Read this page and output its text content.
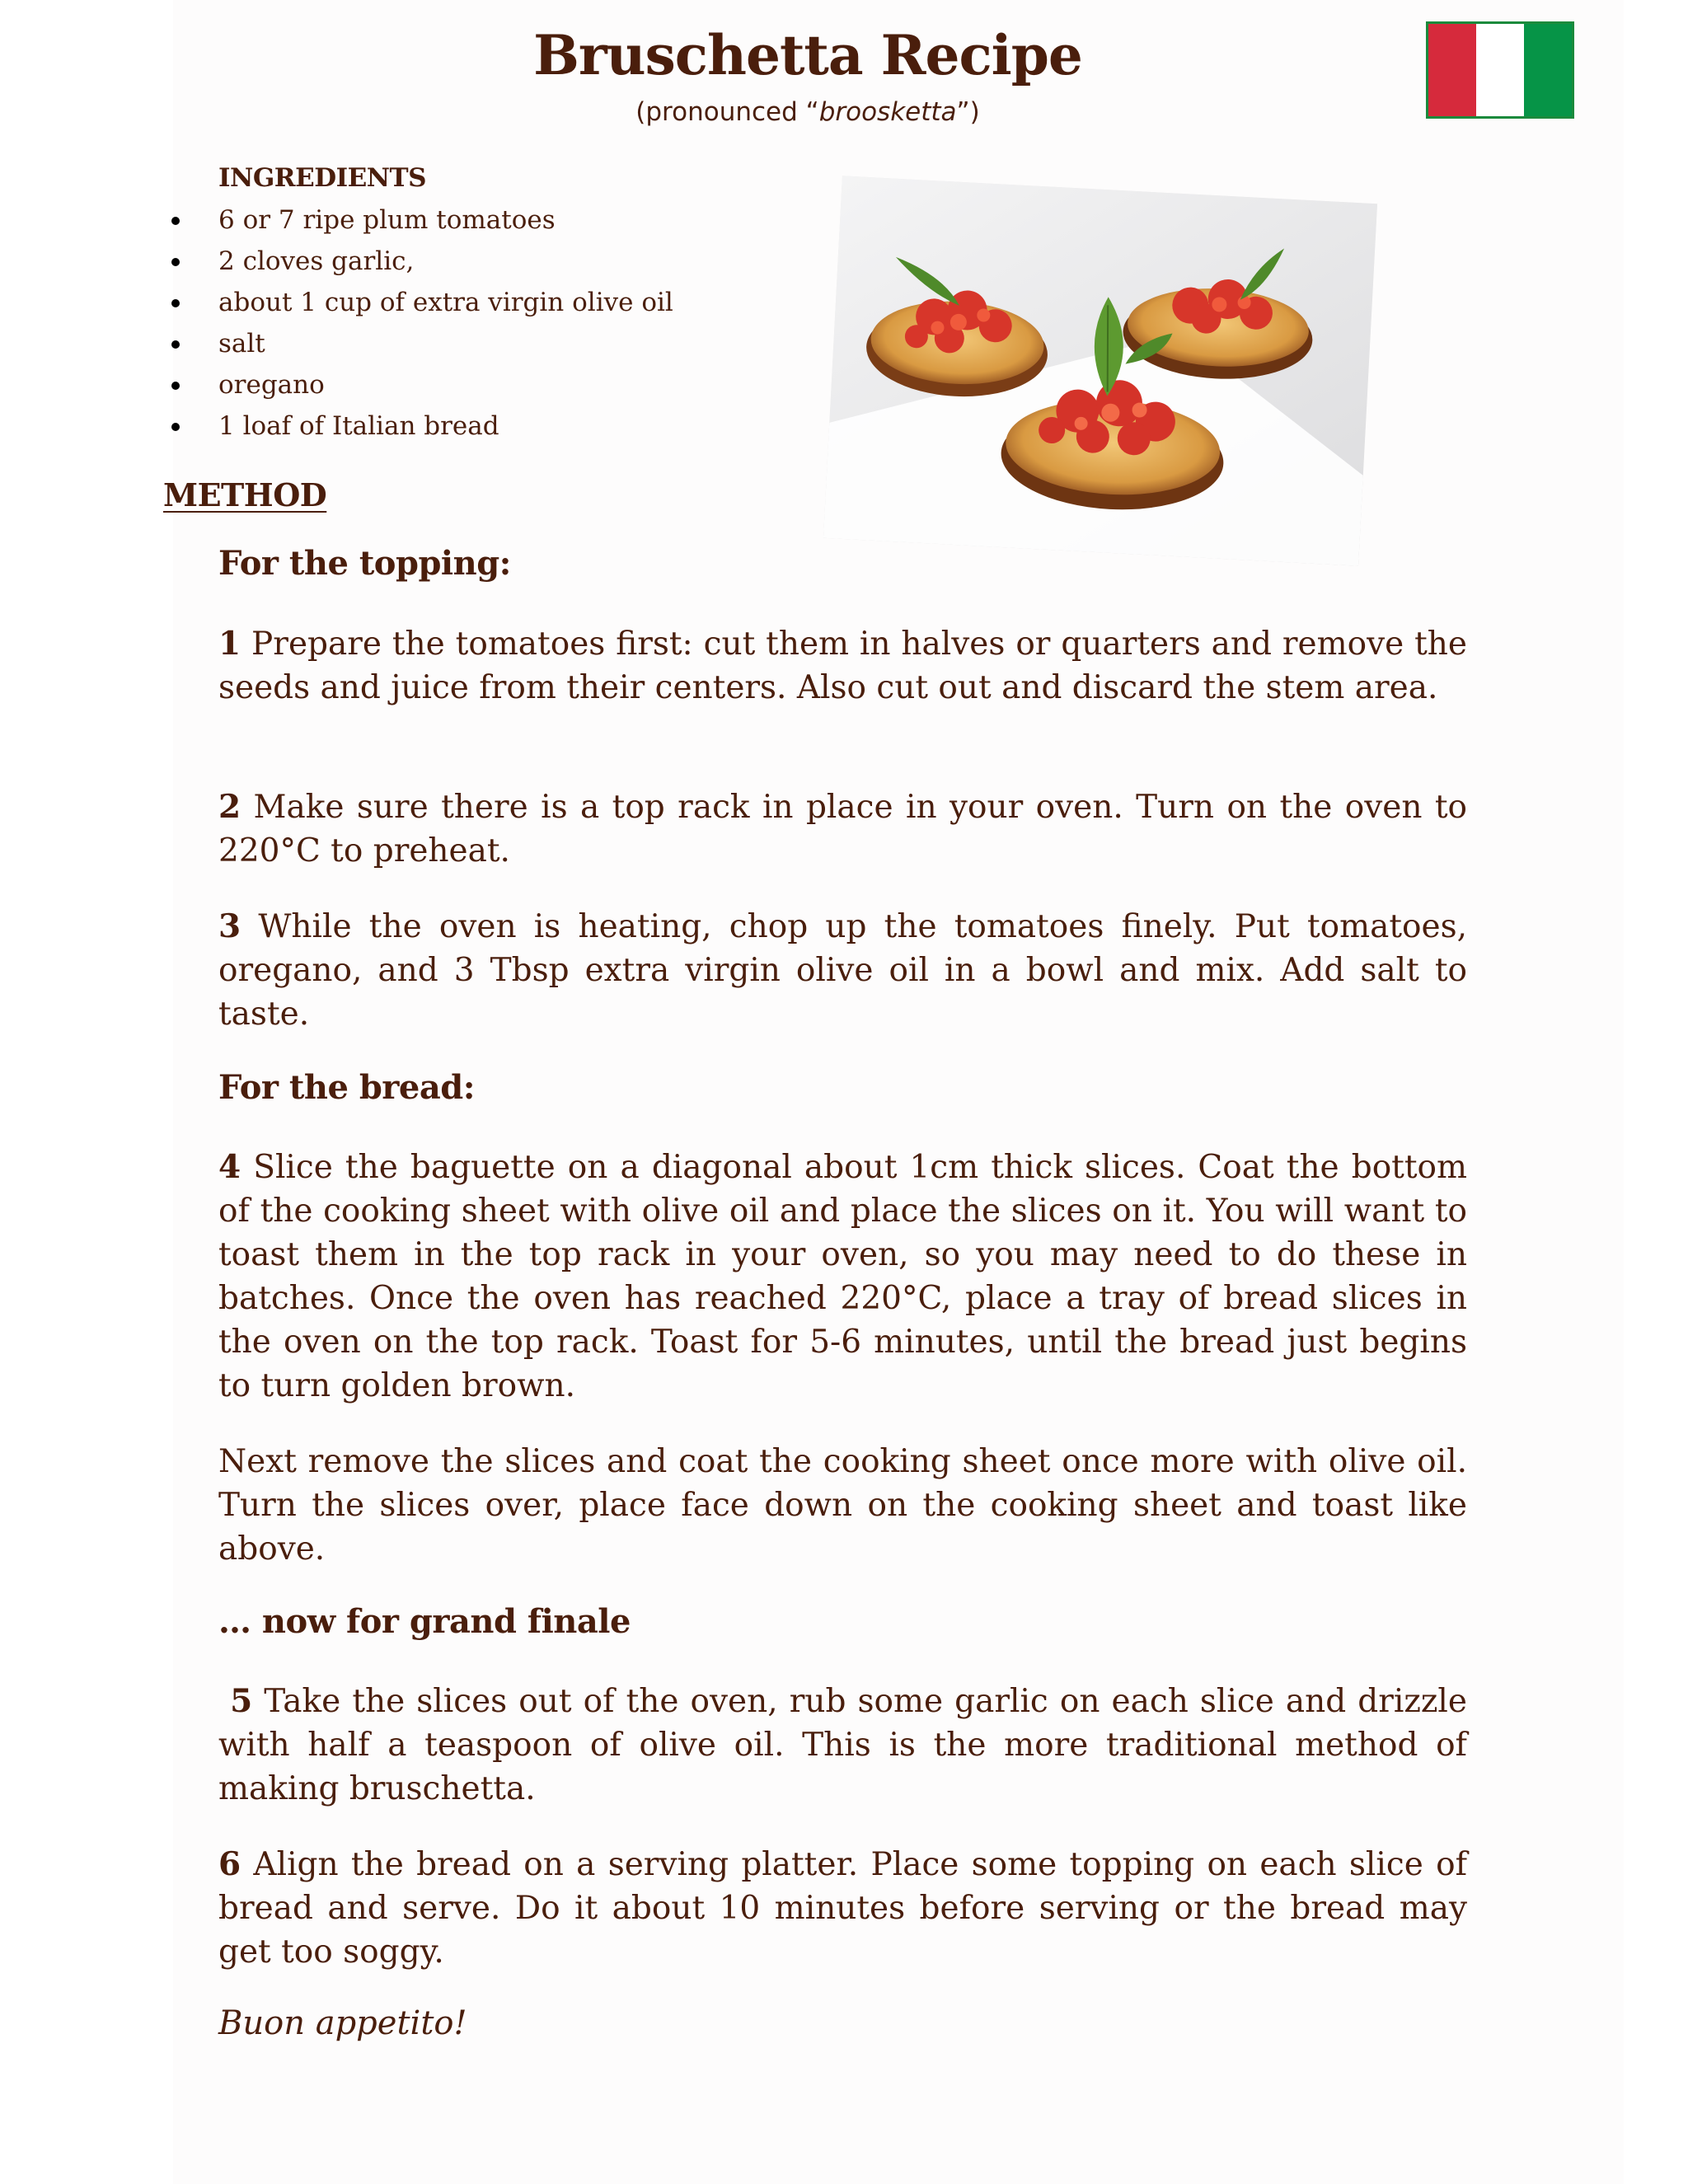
Bruschetta Recipe
(pronounced “broosketta”)
INGREDIENTS
6 or 7 ripe plum tomatoes
2 cloves garlic,
about 1 cup of extra virgin olive oil
salt
oregano
1 loaf of Italian bread
METHOD
For the topping:
1 Prepare the tomatoes first: cut them in halves or quarters and remove the seeds and juice from their centers. Also cut out and discard the stem area.
2 Make sure there is a top rack in place in your oven. Turn on the oven to 220°C to preheat.
3 While the oven is heating, chop up the tomatoes finely. Put tomatoes, oregano, and 3 Tbsp extra virgin olive oil in a bowl and mix. Add salt to taste.
For the bread:
4 Slice the baguette on a diagonal about 1cm thick slices. Coat the bottom of the cooking sheet with olive oil and place the slices on it. You will want to toast them in the top rack in your oven, so you may need to do these in batches. Once the oven has reached 220°C, place a tray of bread slices in the oven on the top rack. Toast for 5-6 minutes, until the bread just begins to turn golden brown.
Next remove the slices and coat the cooking sheet once more with olive oil. Turn the slices over, place face down on the cooking sheet and toast like above.
… now for grand finale
5 Take the slices out of the oven, rub some garlic on each slice and drizzle with half a teaspoon of olive oil. This is the more traditional method of making bruschetta.
6 Align the bread on a serving platter. Place some topping on each slice of bread and serve. Do it about 10 minutes before serving or the bread may get too soggy.
Buon appetito!
